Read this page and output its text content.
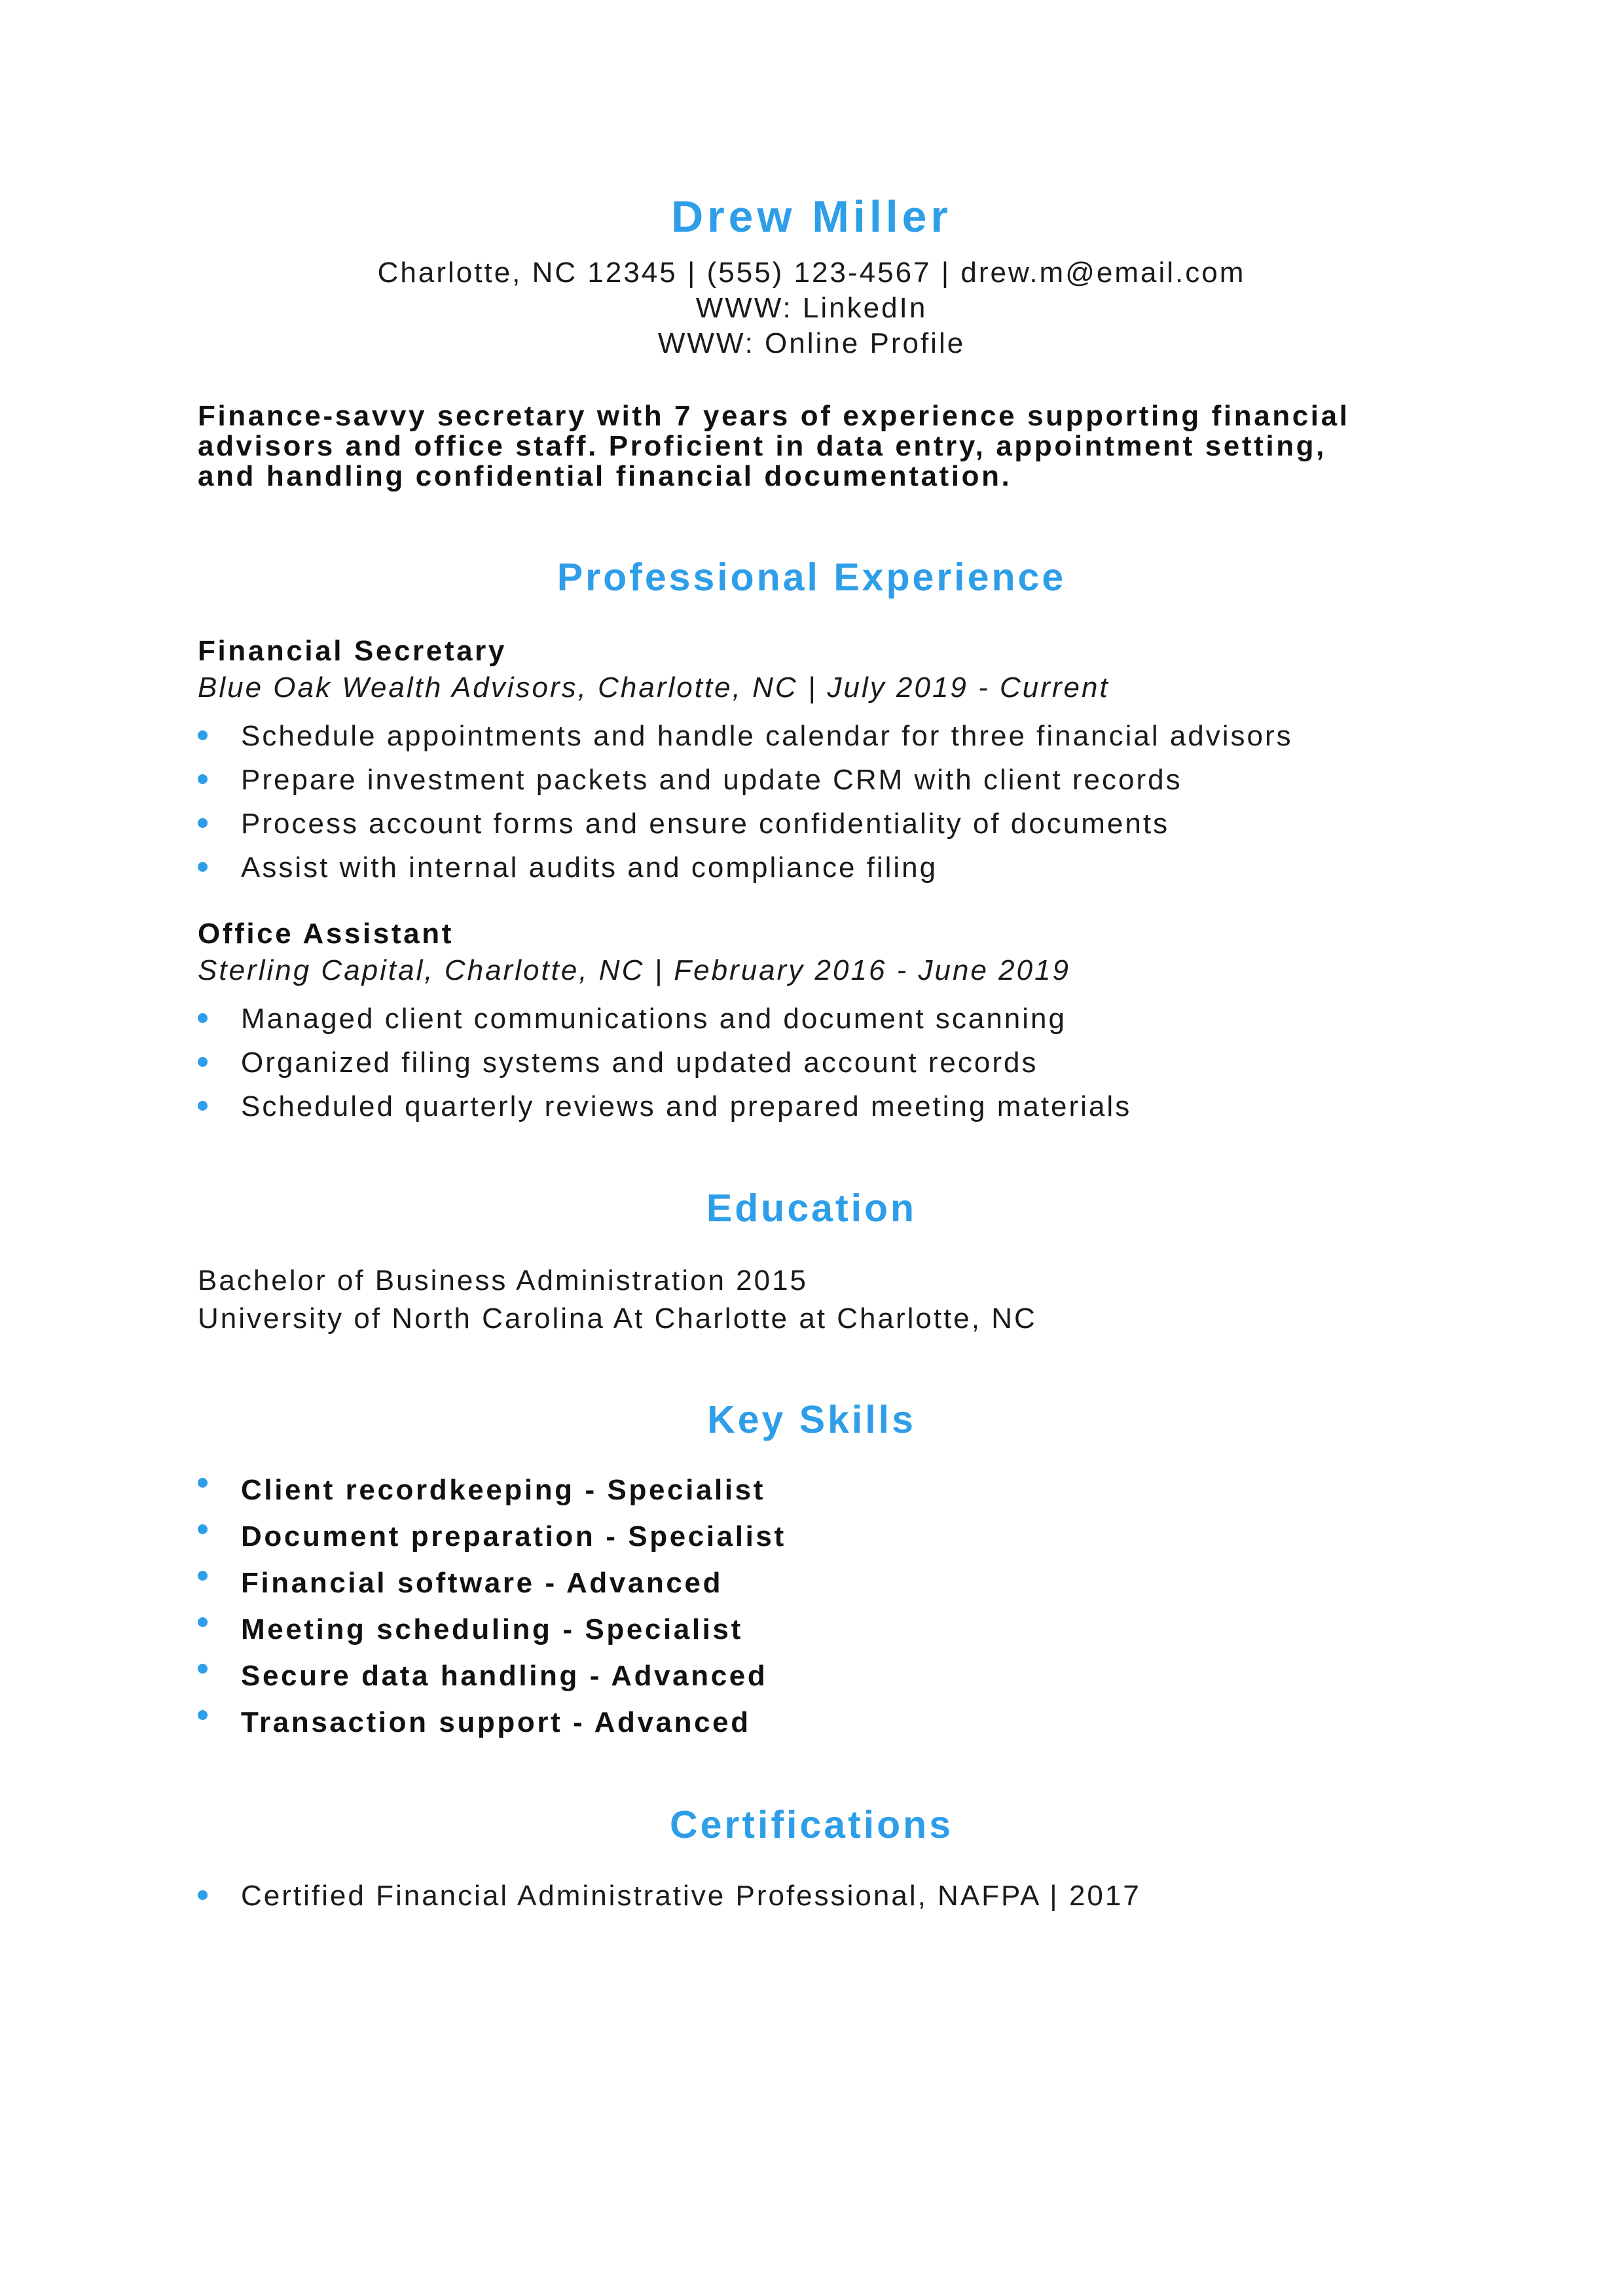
Drew Miller
Charlotte, NC 12345 | (555) 123-4567 | drew.m@email.com
WWW: LinkedIn
WWW: Online Profile
Finance-savvy secretary with 7 years of experience supporting financial
advisors and office staff. Proficient in data entry, appointment setting,
and handling confidential financial documentation.
Professional Experience
Financial Secretary
Blue Oak Wealth Advisors, Charlotte, NC | July 2019 - Current
Schedule appointments and handle calendar for three financial advisors
Prepare investment packets and update CRM with client records
Process account forms and ensure confidentiality of documents
Assist with internal audits and compliance filing
Office Assistant
Sterling Capital, Charlotte, NC | February 2016 - June 2019
Managed client communications and document scanning
Organized filing systems and updated account records
Scheduled quarterly reviews and prepared meeting materials
Education
Bachelor of Business Administration 2015
University of North Carolina At Charlotte at Charlotte, NC
Key Skills
Client recordkeeping - Specialist
Document preparation - Specialist
Financial software - Advanced
Meeting scheduling - Specialist
Secure data handling - Advanced
Transaction support - Advanced
Certifications
Certified Financial Administrative Professional, NAFPA | 2017
